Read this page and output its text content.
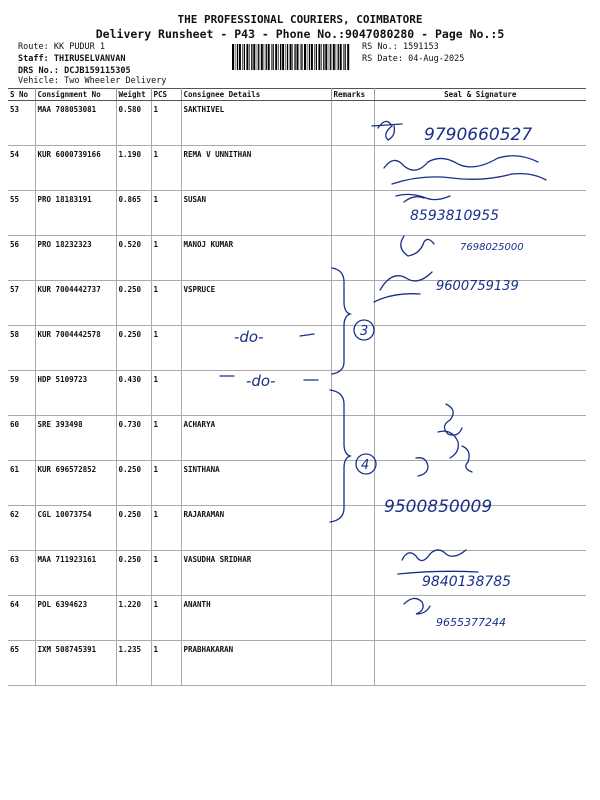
THE PROFESSIONAL COURIERS, COIMBATORE
Delivery Runsheet - P43 - Phone No.:9047080280 - Page No.:5
Route: KK PUDUR 1
Staff: THIRUSELVANVAN
DRS No.: DCJB159115305
Vehicle: Two Wheeler Delivery
RS No.: 1591153
RS Date: 04-Aug-2025
S No	Consignment No	Weight	PCS	Consignee Details	Remarks	Seal & Signature
53	MAA 708053081	0.580	1	SAKTHIVEL		
54	KUR 6000739166	1.190	1	REMA V UNNITHAN		
55	PRO 18183191	0.865	1	SUSAN		
56	PRO 18232323	0.520	1	MANOJ KUMAR		
57	KUR 7004442737	0.250	1	VSPRUCE		
58	KUR 7004442578	0.250	1			
59	HDP 5109723	0.430	1			
60	SRE 393498	0.730	1	ACHARYA		
61	KUR 696572852	0.250	1	SINTHANA		
62	CGL 10073754	0.250	1	RAJARAMAN		
63	MAA 711923161	0.250	1	VASUDHA SRIDHAR		
64	POL 6394623	1.220	1	ANANTH		
65	IXM 508745391	1.235	1	PRABHAKARAN		
9790660527
8593810955
7698025000
9600759139
-do-
-do-
3
4
9500850009
9840138785
9655377244
